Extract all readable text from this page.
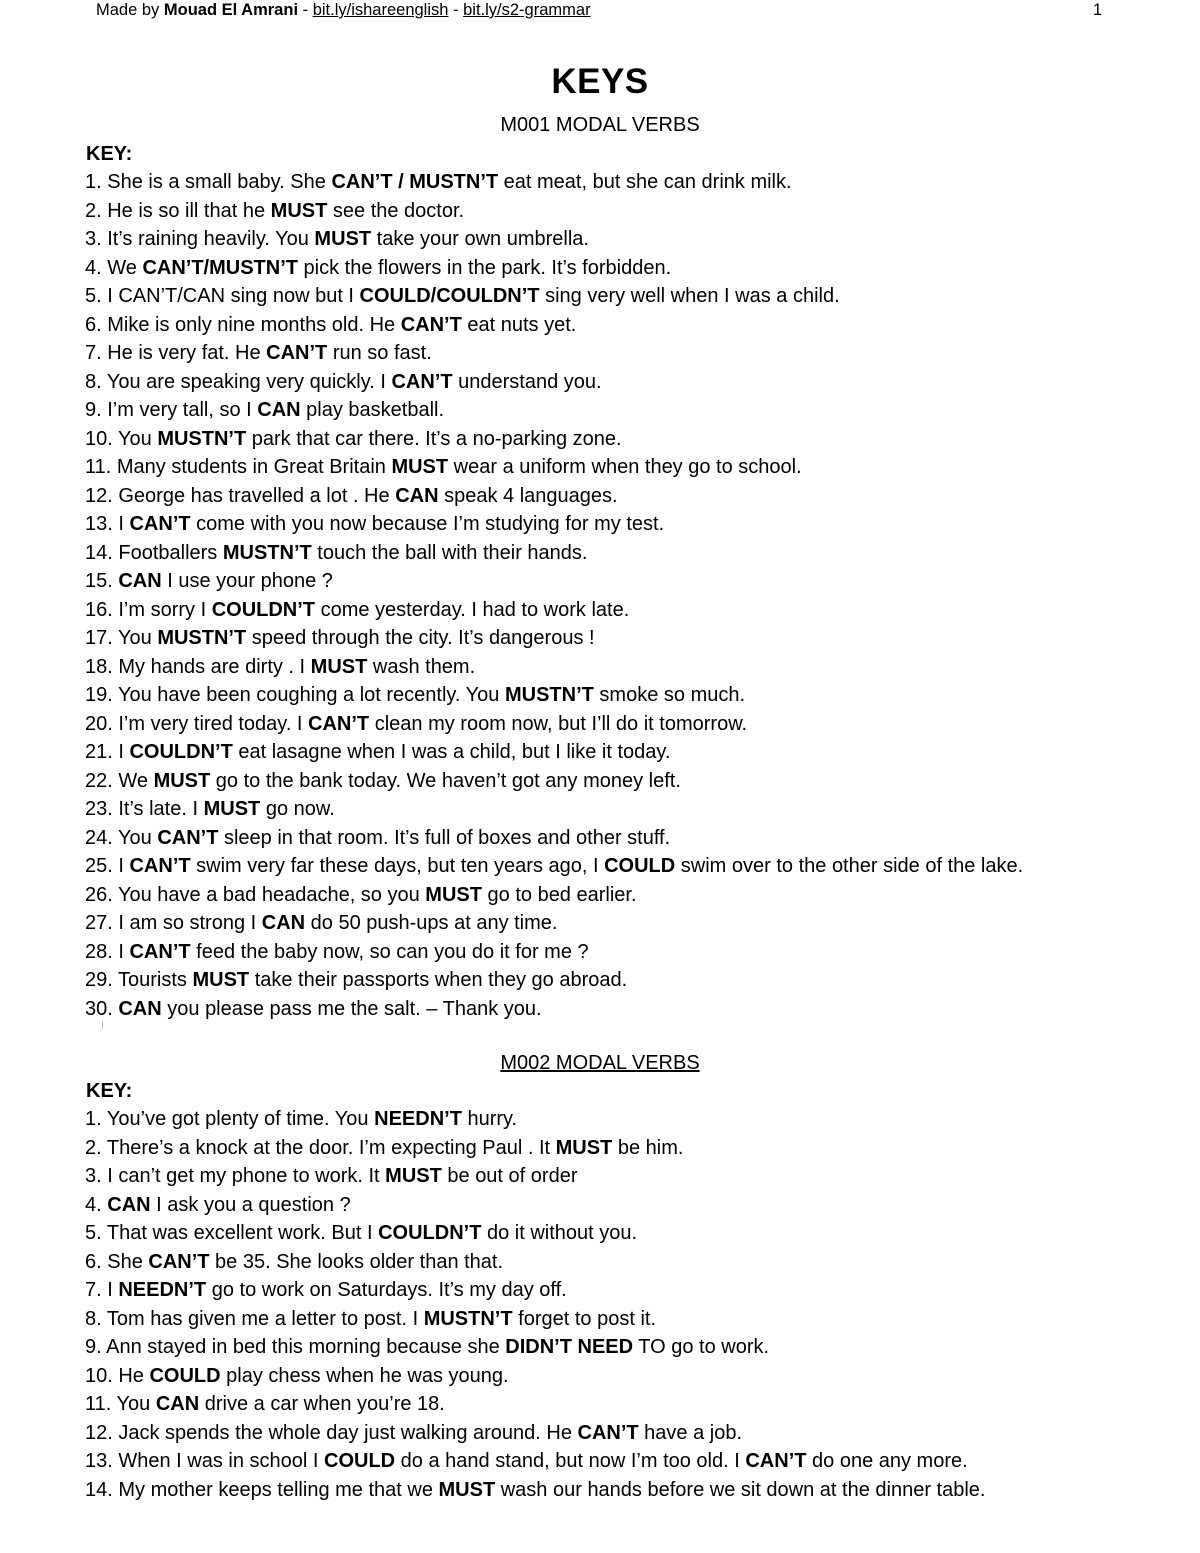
Made by Mouad El Amrani - bit.ly/ishareenglish - bit.ly/s2-grammar	1
KEYS
M001 MODAL VERBS
KEY:
1. She is a small baby. She CAN’T / MUSTN’T eat meat, but she can drink milk.
2. He is so ill that he MUST see the doctor.
3. It’s raining heavily. You MUST take your own umbrella.
4. We CAN’T/MUSTN’T pick the flowers in the park. It’s forbidden.
5. I CAN’T/CAN sing now but I COULD/COULDN’T sing very well when I was a child.
6. Mike is only nine months old. He CAN’T eat nuts yet.
7. He is very fat. He CAN’T run so fast.
8. You are speaking very quickly. I CAN’T understand you.
9. I’m very tall, so I CAN play basketball.
10. You MUSTN’T park that car there. It’s a no-parking zone.
11. Many students in Great Britain MUST wear a uniform when they go to school.
12. George has travelled a lot . He CAN speak 4 languages.
13. I CAN’T come with you now because I’m studying for my test.
14. Footballers MUSTN’T touch the ball with their hands.
15. CAN I use your phone ?
16. I’m sorry I COULDN’T come yesterday. I had to work late.
17. You MUSTN’T speed through the city. It’s dangerous !
18. My hands are dirty . I MUST wash them.
19. You have been coughing a lot recently. You MUSTN’T smoke so much.
20. I’m very tired today. I CAN’T clean my room now, but I’ll do it tomorrow.
21. I COULDN’T eat lasagne when I was a child, but I like it today.
22. We MUST go to the bank today. We haven’t got any money left.
23. It’s late. I MUST go now.
24. You CAN’T sleep in that room. It’s full of boxes and other stuff.
25. I CAN’T swim very far these days, but ten years ago, I COULD swim over to the other side of the lake.
26. You have a bad headache, so you MUST go to bed earlier.
27. I am so strong I CAN do 50 push-ups at any time.
28. I CAN’T feed the baby now, so can you do it for me ?
29. Tourists MUST take their passports when they go abroad.
30. CAN you please pass me the salt. – Thank you.
M002 MODAL VERBS
KEY:
1. You’ve got plenty of time. You NEEDN’T hurry.
2. There’s a knock at the door. I’m expecting Paul . It MUST be him.
3. I can’t get my phone to work. It MUST be out of order
4. CAN I ask you a question ?
5. That was excellent work. But I COULDN’T do it without you.
6. She CAN’T be 35. She looks older than that.
7. I NEEDN’T go to work on Saturdays. It’s my day off.
8. Tom has given me a letter to post. I MUSTN’T forget to post it.
9. Ann stayed in bed this morning because she DIDN’T NEED TO go to work.
10. He COULD play chess when he was young.
11. You CAN drive a car when you’re 18.
12. Jack spends the whole day just walking around. He CAN’T have a job.
13. When I was in school I COULD do a hand stand, but now I’m too old. I CAN’T do one any more.
14. My mother keeps telling me that we MUST wash our hands before we sit down at the dinner table.
